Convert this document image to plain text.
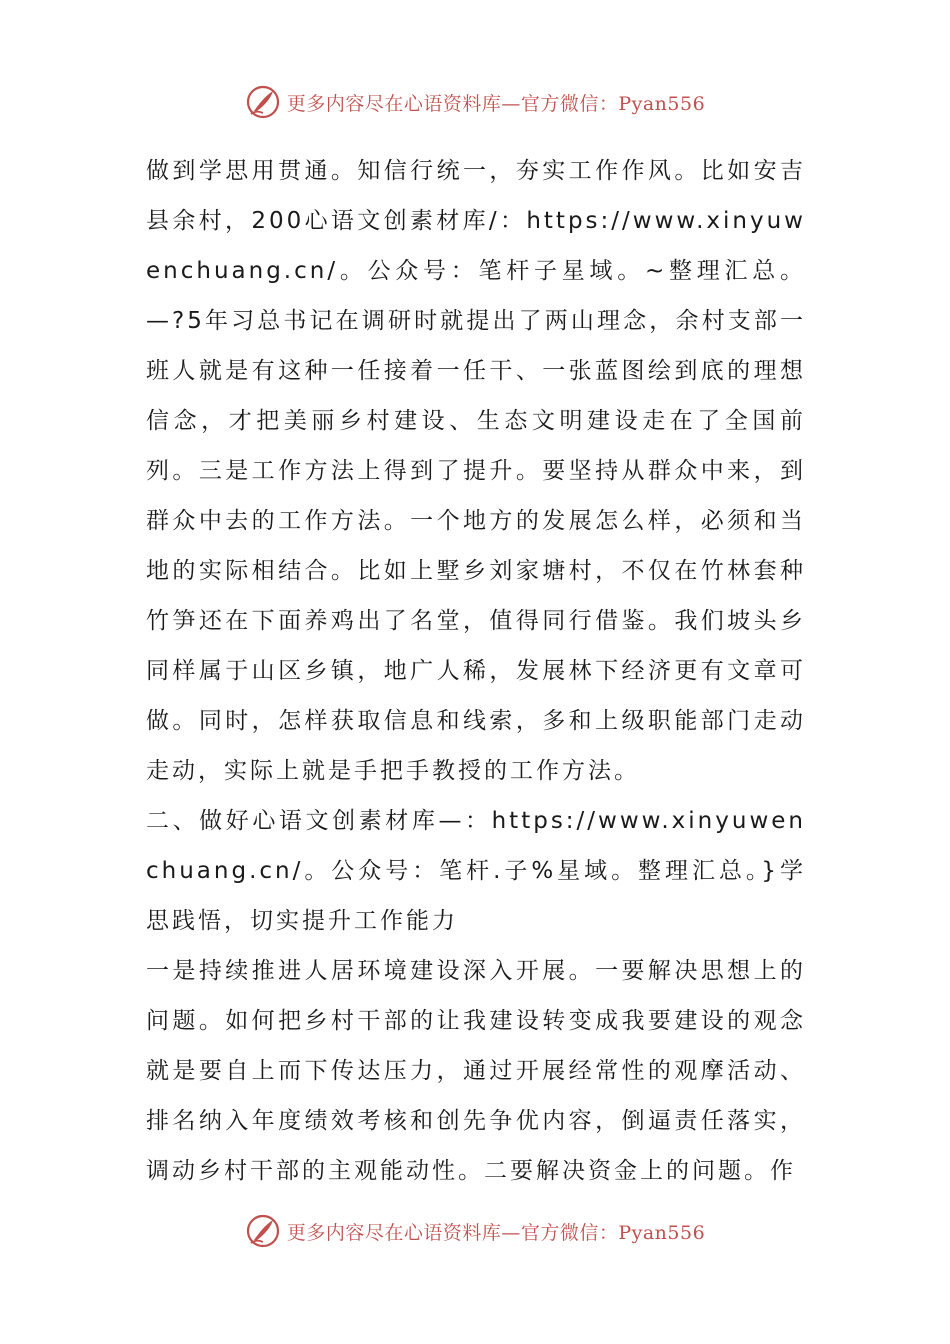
更多内容尽在心语资料库—官方微信：Pyan556

做到学思用贯通。知信行统一，夯实工作作风。比如安吉县余村，200心语文创素材库/：https://www.xinyuwenchuang.cn/。公众号：笔杆子星域。~整理汇总。—?5年习总书记在调研时就提出了两山理念，余村支部一班人就是有这种一任接着一任干、一张蓝图绘到底的理想信念，才把美丽乡村建设、生态文明建设走在了全国前列。三是工作方法上得到了提升。要坚持从群众中来，到群众中去的工作方法。一个地方的发展怎么样，必须和当地的实际相结合。比如上墅乡刘家塘村，不仅在竹林套种竹笋还在下面养鸡出了名堂，值得同行借鉴。我们坡头乡同样属于山区乡镇，地广人稀，发展林下经济更有文章可做。同时，怎样获取信息和线索，多和上级职能部门走动走动，实际上就是手把手教授的工作方法。

二、做好心语文创素材库—：https://www.xinyuwenchuang.cn/。公众号：笔杆.子%星域。整理汇总。}学思践悟，切实提升工作能力

一是持续推进人居环境建设深入开展。一要解决思想上的问题。如何把乡村干部的让我建设转变成我要建设的观念就是要自上而下传达压力，通过开展经常性的观摩活动、排名纳入年度绩效考核和创先争优内容，倒逼责任落实，调动乡村干部的主观能动性。二要解决资金上的问题。作

更多内容尽在心语资料库—官方微信：Pyan556
